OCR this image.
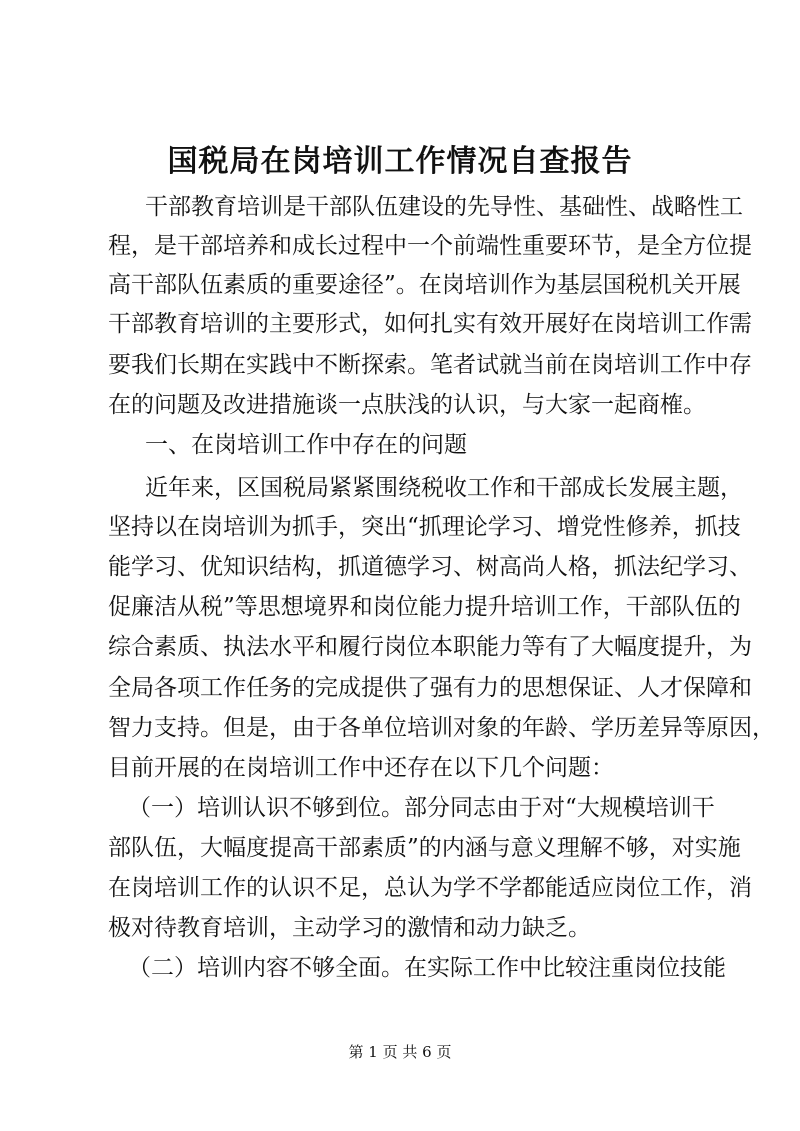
国税局在岗培训工作情况自查报告
干部教育培训是干部队伍建设的先导性、基础性、战略性工
程，是干部培养和成长过程中一个前端性重要环节，是全方位提
高干部队伍素质的重要途径”。在岗培训作为基层国税机关开展
干部教育培训的主要形式，如何扎实有效开展好在岗培训工作需
要我们长期在实践中不断探索。笔者试就当前在岗培训工作中存
在的问题及改进措施谈一点肤浅的认识，与大家一起商榷。
一、在岗培训工作中存在的问题
近年来，区国税局紧紧围绕税收工作和干部成长发展主题，
坚持以在岗培训为抓手，突出“抓理论学习、增党性修养，抓技
能学习、优知识结构，抓道德学习、树高尚人格，抓法纪学习、
促廉洁从税”等思想境界和岗位能力提升培训工作，干部队伍的
综合素质、执法水平和履行岗位本职能力等有了大幅度提升，为
全局各项工作任务的完成提供了强有力的思想保证、人才保障和
智力支持。但是，由于各单位培训对象的年龄、学历差异等原因，
目前开展的在岗培训工作中还存在以下几个问题：
（一）培训认识不够到位。部分同志由于对“大规模培训干
部队伍，大幅度提高干部素质”的内涵与意义理解不够，对实施
在岗培训工作的认识不足，总认为学不学都能适应岗位工作，消
极对待教育培训，主动学习的激情和动力缺乏。
（二）培训内容不够全面。在实际工作中比较注重岗位技能
第 1 页 共 6 页
